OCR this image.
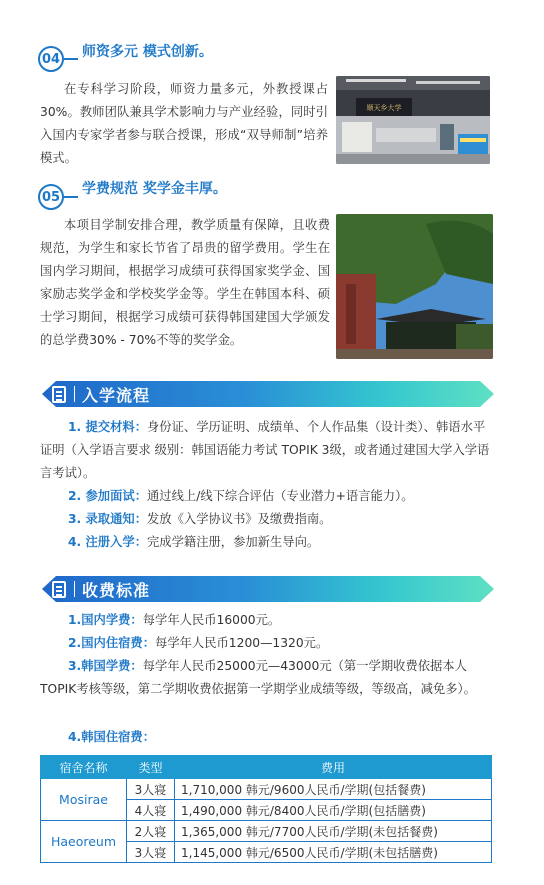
04 师资多元 模式创新。
在专科学习阶段，师资力量多元，外教授课占30%。教师团队兼具学术影响力与产业经验，同时引入国内专家学者参与联合授课，形成“双导师制”培养模式。
顺天乡大学
05 学费规范 奖学金丰厚。
本项目学制安排合理，教学质量有保障，且收费规范，为学生和家长节省了昂贵的留学费用。学生在国内学习期间，根据学习成绩可获得国家奖学金、国家励志奖学金和学校奖学金等。学生在韩国本科、硕士学习期间，根据学习成绩可获得韩国建国大学颁发的总学费30% - 70%不等的奖学金。
入学流程
1. 提交材料：身份证、学历证明、成绩单、个人作品集（设计类）、韩语水平证明（入学语言要求 级别：韩国语能力考试 TOPIK 3级，或者通过建国大学入学语言考试）。
2. 参加面试：通过线上/线下综合评估（专业潜力+语言能力）。
3. 录取通知：发放《入学协议书》及缴费指南。
4. 注册入学：完成学籍注册，参加新生导向。
收费标准
1.国内学费：每学年人民币16000元。
2.国内住宿费：每学年人民币1200—1320元。
3.韩国学费：每学年人民币25000元—43000元（第一学期收费依据本人TOPIK考核等级，第二学期收费依据第一学期学业成绩等级，等级高，减免多）。
4.韩国住宿费：
宿舍名称	类型	费用
Mosirae	3人寝	1,710,000 韩元/9600人民币/学期(包括餐费)
	4人寝	1,490,000 韩元/8400人民币/学期(包括膳费)
Haeoreum	2人寝	1,365,000 韩元/7700人民币/学期(未包括餐费)
	3人寝	1,145,000 韩元/6500人民币/学期(未包括膳费)
